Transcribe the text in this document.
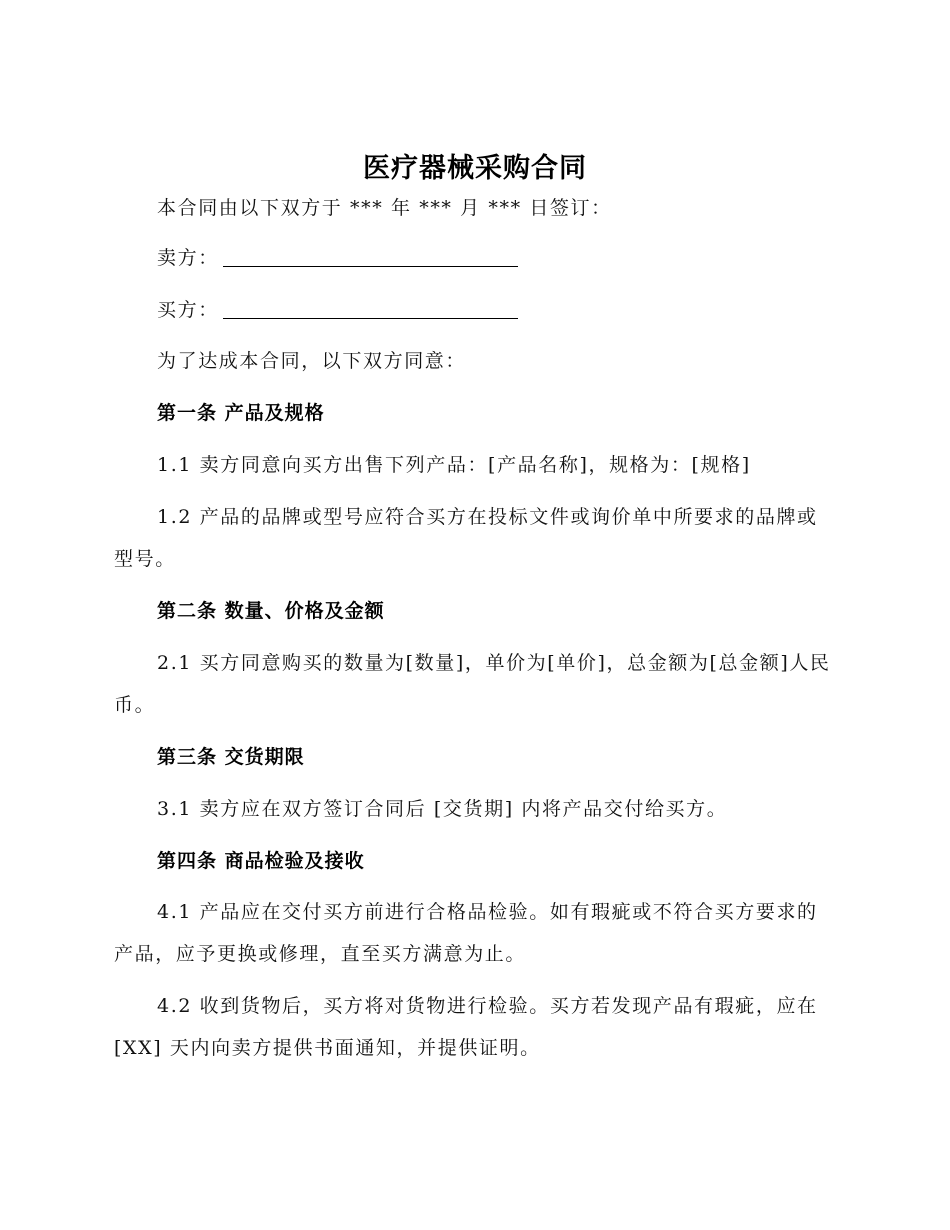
医疗器械采购合同
本合同由以下双方于 *** 年 *** 月 *** 日签订：
卖方：
买方：
为了达成本合同，以下双方同意：
第一条 产品及规格
1.1 卖方同意向买方出售下列产品：[产品名称]，规格为：[规格]
1.2 产品的品牌或型号应符合买方在投标文件或询价单中所要求的品牌或
型号。
第二条 数量、价格及金额
2.1 买方同意购买的数量为[数量]，单价为[单价]，总金额为[总金额]人民
币。
第三条 交货期限
3.1 卖方应在双方签订合同后 [交货期] 内将产品交付给买方。
第四条 商品检验及接收
4.1 产品应在交付买方前进行合格品检验。如有瑕疵或不符合买方要求的
产品，应予更换或修理，直至买方满意为止。
4.2 收到货物后，买方将对货物进行检验。买方若发现产品有瑕疵，应在
[XX] 天内向卖方提供书面通知，并提供证明。
